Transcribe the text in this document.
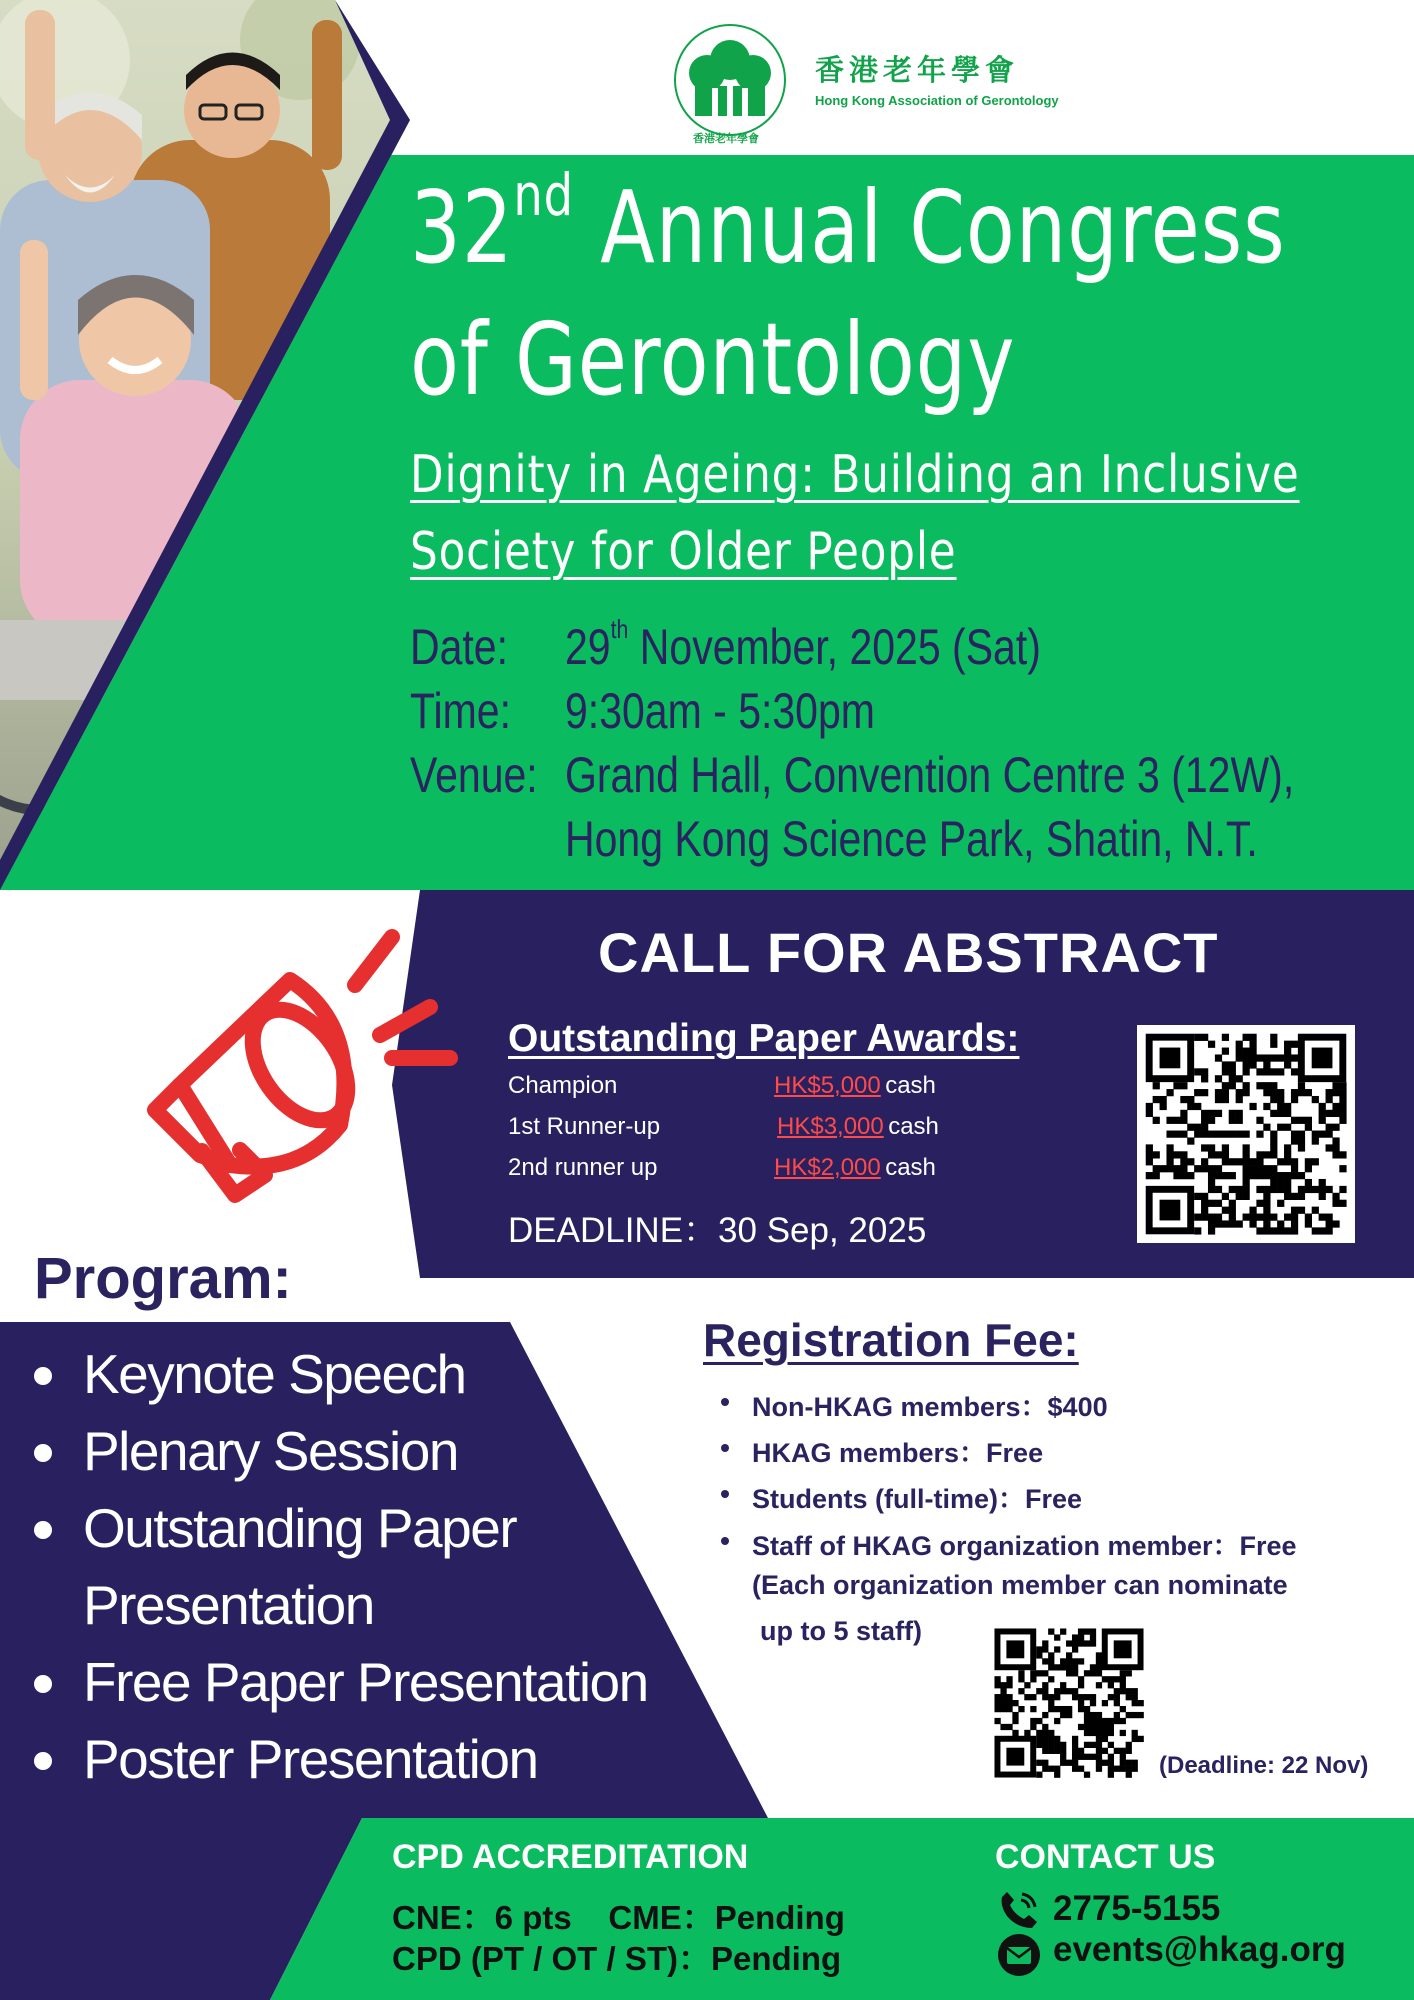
香港老年學會
香港老年學會
Hong Kong Association of Gerontology
32nd Annual Congress
of Gerontology
Dignity in Ageing: Building an Inclusive
Society for Older People
Date: 29th November, 2025 (Sat)
Time: 9:30am - 5:30pm
Venue: Grand Hall, Convention Centre 3 (12W),
Hong Kong Science Park, Shatin, N.T.
CALL FOR ABSTRACT
Outstanding Paper Awards:
Champion	HK$5,000 cash
1st Runner-up	HK$3,000 cash
2nd runner up	HK$2,000 cash
DEADLINE：30 Sep, 2025
Program:
Keynote Speech
Plenary Session
Outstanding Paper
Presentation
Free Paper Presentation
Poster Presentation
Registration Fee:
Non-HKAG members：$400
HKAG members：Free
Students (full-time)：Free
Staff of HKAG organization member：Free
(Each organization member can nominate
up to 5 staff)
(Deadline: 22 Nov)
CPD ACCREDITATION
CNE：6 pts    CME：Pending
CPD (PT / OT / ST)：Pending
CONTACT US
2775-5155
events@hkag.org
